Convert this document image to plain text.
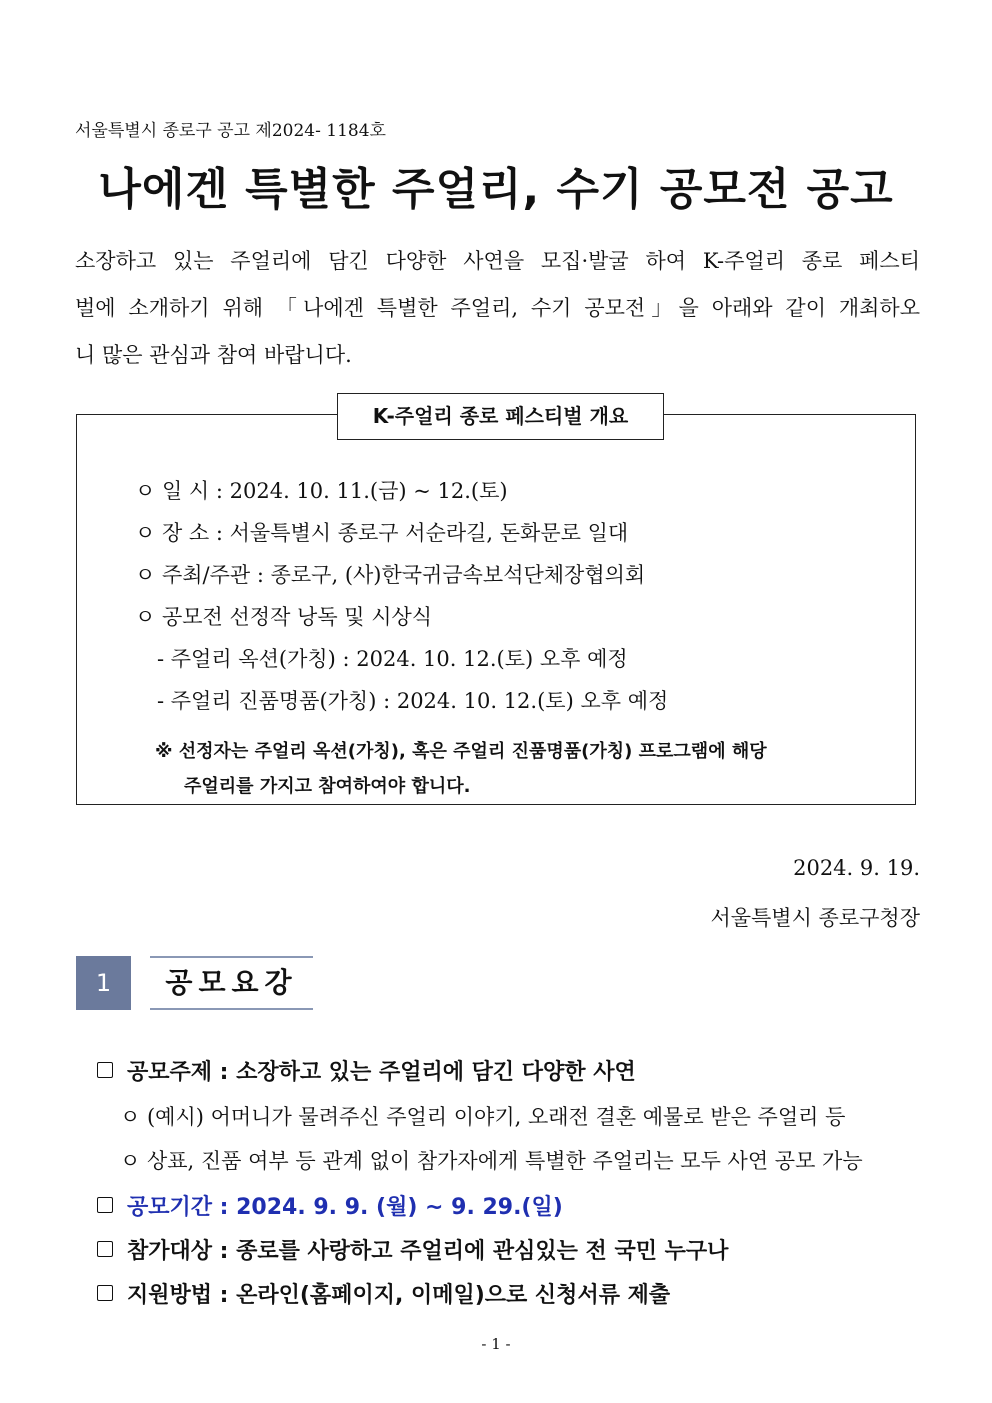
서울특별시 종로구 공고 제2024- 1184호
나에겐 특별한 주얼리, 수기 공모전 공고
소장하고 있는 주얼리에 담긴 다양한 사연을 모집·발굴 하여 K-주얼리 종로 페스티
벌에 소개하기 위해 「나에겐 특별한 주얼리, 수기 공모전」을 아래와 같이 개최하오
니 많은 관심과 참여 바랍니다.
K-주얼리 종로 페스티벌 개요
ㅇ 일 시 : 2024. 10. 11.(금) ~ 12.(토)
ㅇ 장 소 : 서울특별시 종로구 서순라길, 돈화문로 일대
ㅇ 주최/주관 : 종로구, (사)한국귀금속보석단체장협의회
ㅇ 공모전 선정작 낭독 및 시상식
- 주얼리 옥션(가칭) : 2024. 10. 12.(토) 오후 예정
- 주얼리 진품명품(가칭) : 2024. 10. 12.(토) 오후 예정
※ 선정자는 주얼리 옥션(가칭), 혹은 주얼리 진품명품(가칭) 프로그램에 해당
주얼리를 가지고 참여하여야 합니다.
2024. 9. 19.
서울특별시 종로구청장
1	공모요강
공모주제 : 소장하고 있는 주얼리에 담긴 다양한 사연
ㅇ (예시) 어머니가 물려주신 주얼리 이야기, 오래전 결혼 예물로 받은 주얼리 등
ㅇ 상표, 진품 여부 등 관계 없이 참가자에게 특별한 주얼리는 모두 사연 공모 가능
공모기간 : 2024. 9. 9. (월) ~ 9. 29.(일)
참가대상 : 종로를 사랑하고 주얼리에 관심있는 전 국민 누구나
지원방법 : 온라인(홈페이지, 이메일)으로 신청서류 제출
- 1 -
